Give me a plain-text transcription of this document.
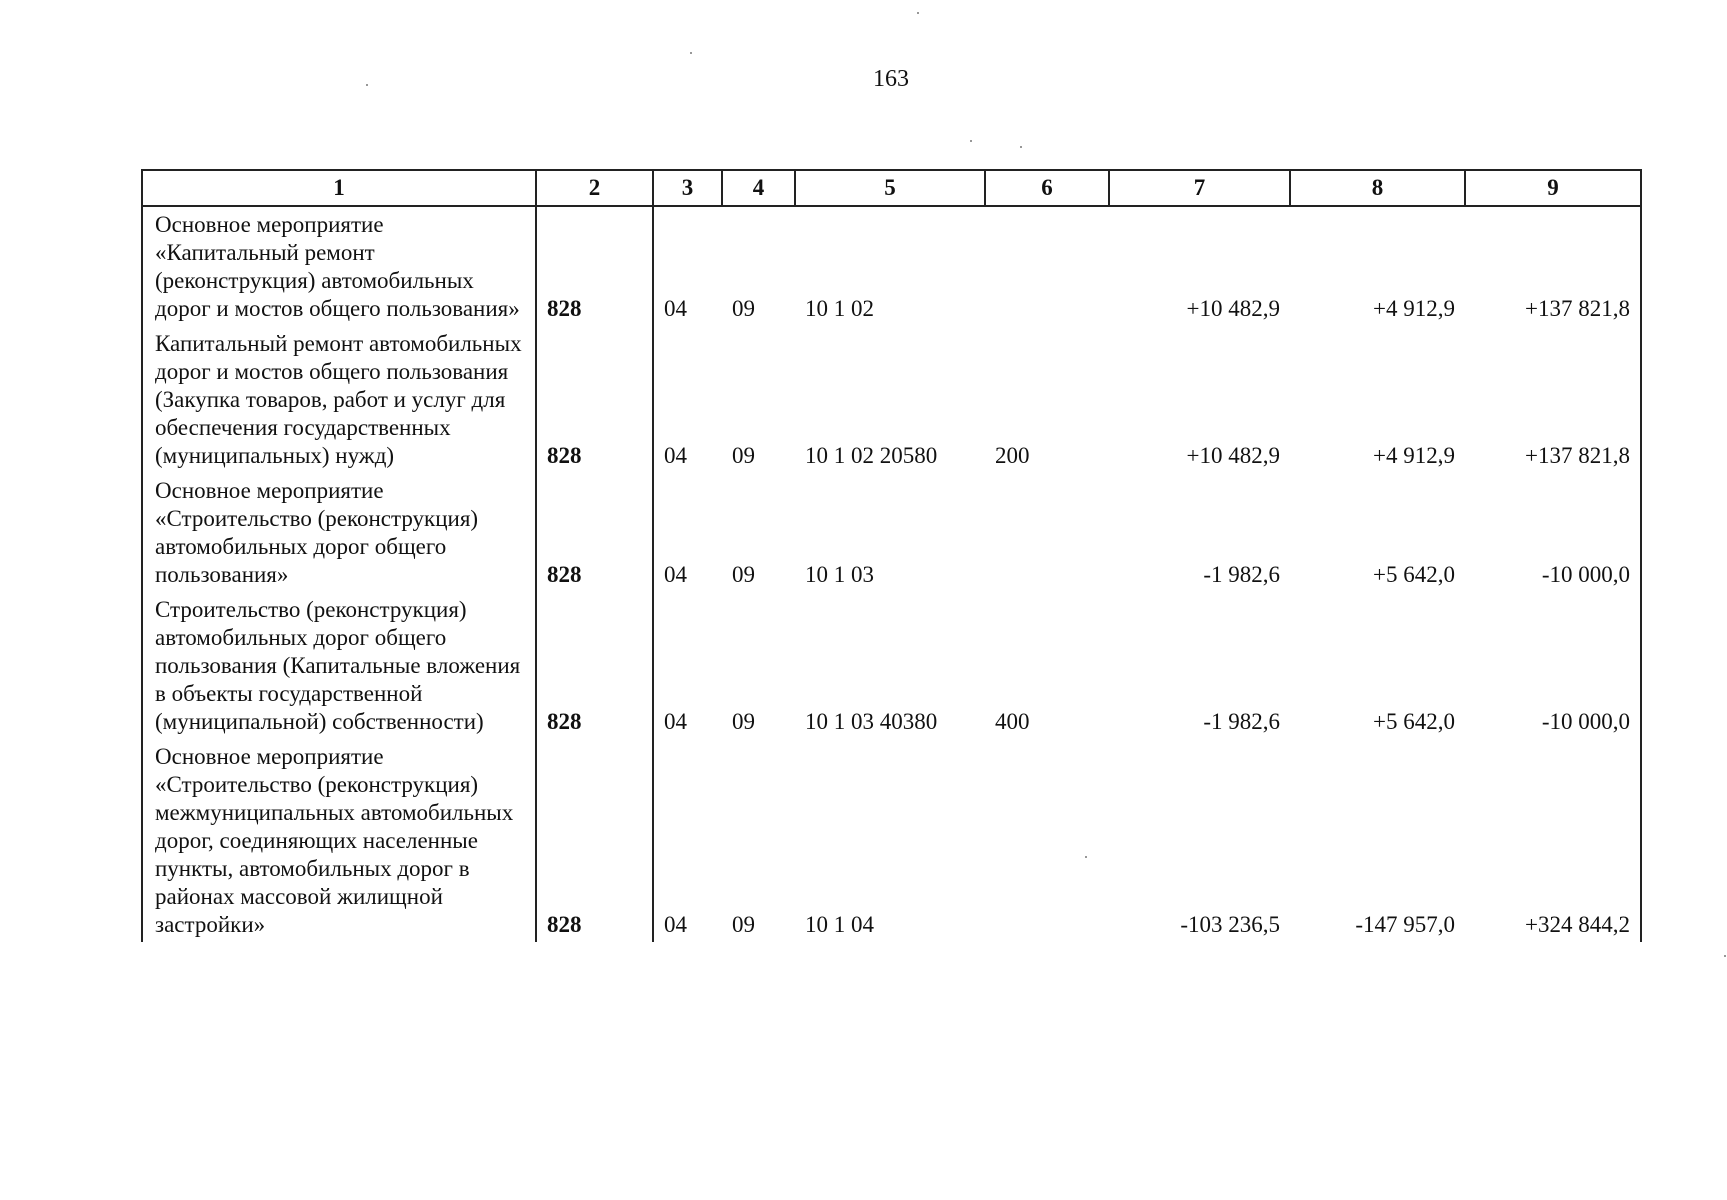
163
1	2	3	4	5	6	7	8	9
Основное мероприятие «Капитальный ремонт (реконструкция) автомобильных дорог и мостов общего пользования»	828	04	09	10 1 02		+10 482,9	+4 912,9	+137 821,8
Капитальный ремонт автомобильных дорог и мостов общего пользования (Закупка товаров, работ и услуг для обеспечения государственных (муниципальных) нужд)	828	04	09	10 1 02 20580	200	+10 482,9	+4 912,9	+137 821,8
Основное мероприятие «Строительство (реконструкция) автомобильных дорог общего пользования»	828	04	09	10 1 03		-1 982,6	+5 642,0	-10 000,0
Строительство (реконструкция) автомобильных дорог общего пользования (Капитальные вложения в объекты государственной (муниципальной) собственности)	828	04	09	10 1 03 40380	400	-1 982,6	+5 642,0	-10 000,0
Основное мероприятие «Строительство (реконструкция) межмуниципальных автомобильных дорог, соединяющих населенные пункты, автомобильных дорог в районах массовой жилищной застройки»	828	04	09	10 1 04		-103 236,5	-147 957,0	+324 844,2
